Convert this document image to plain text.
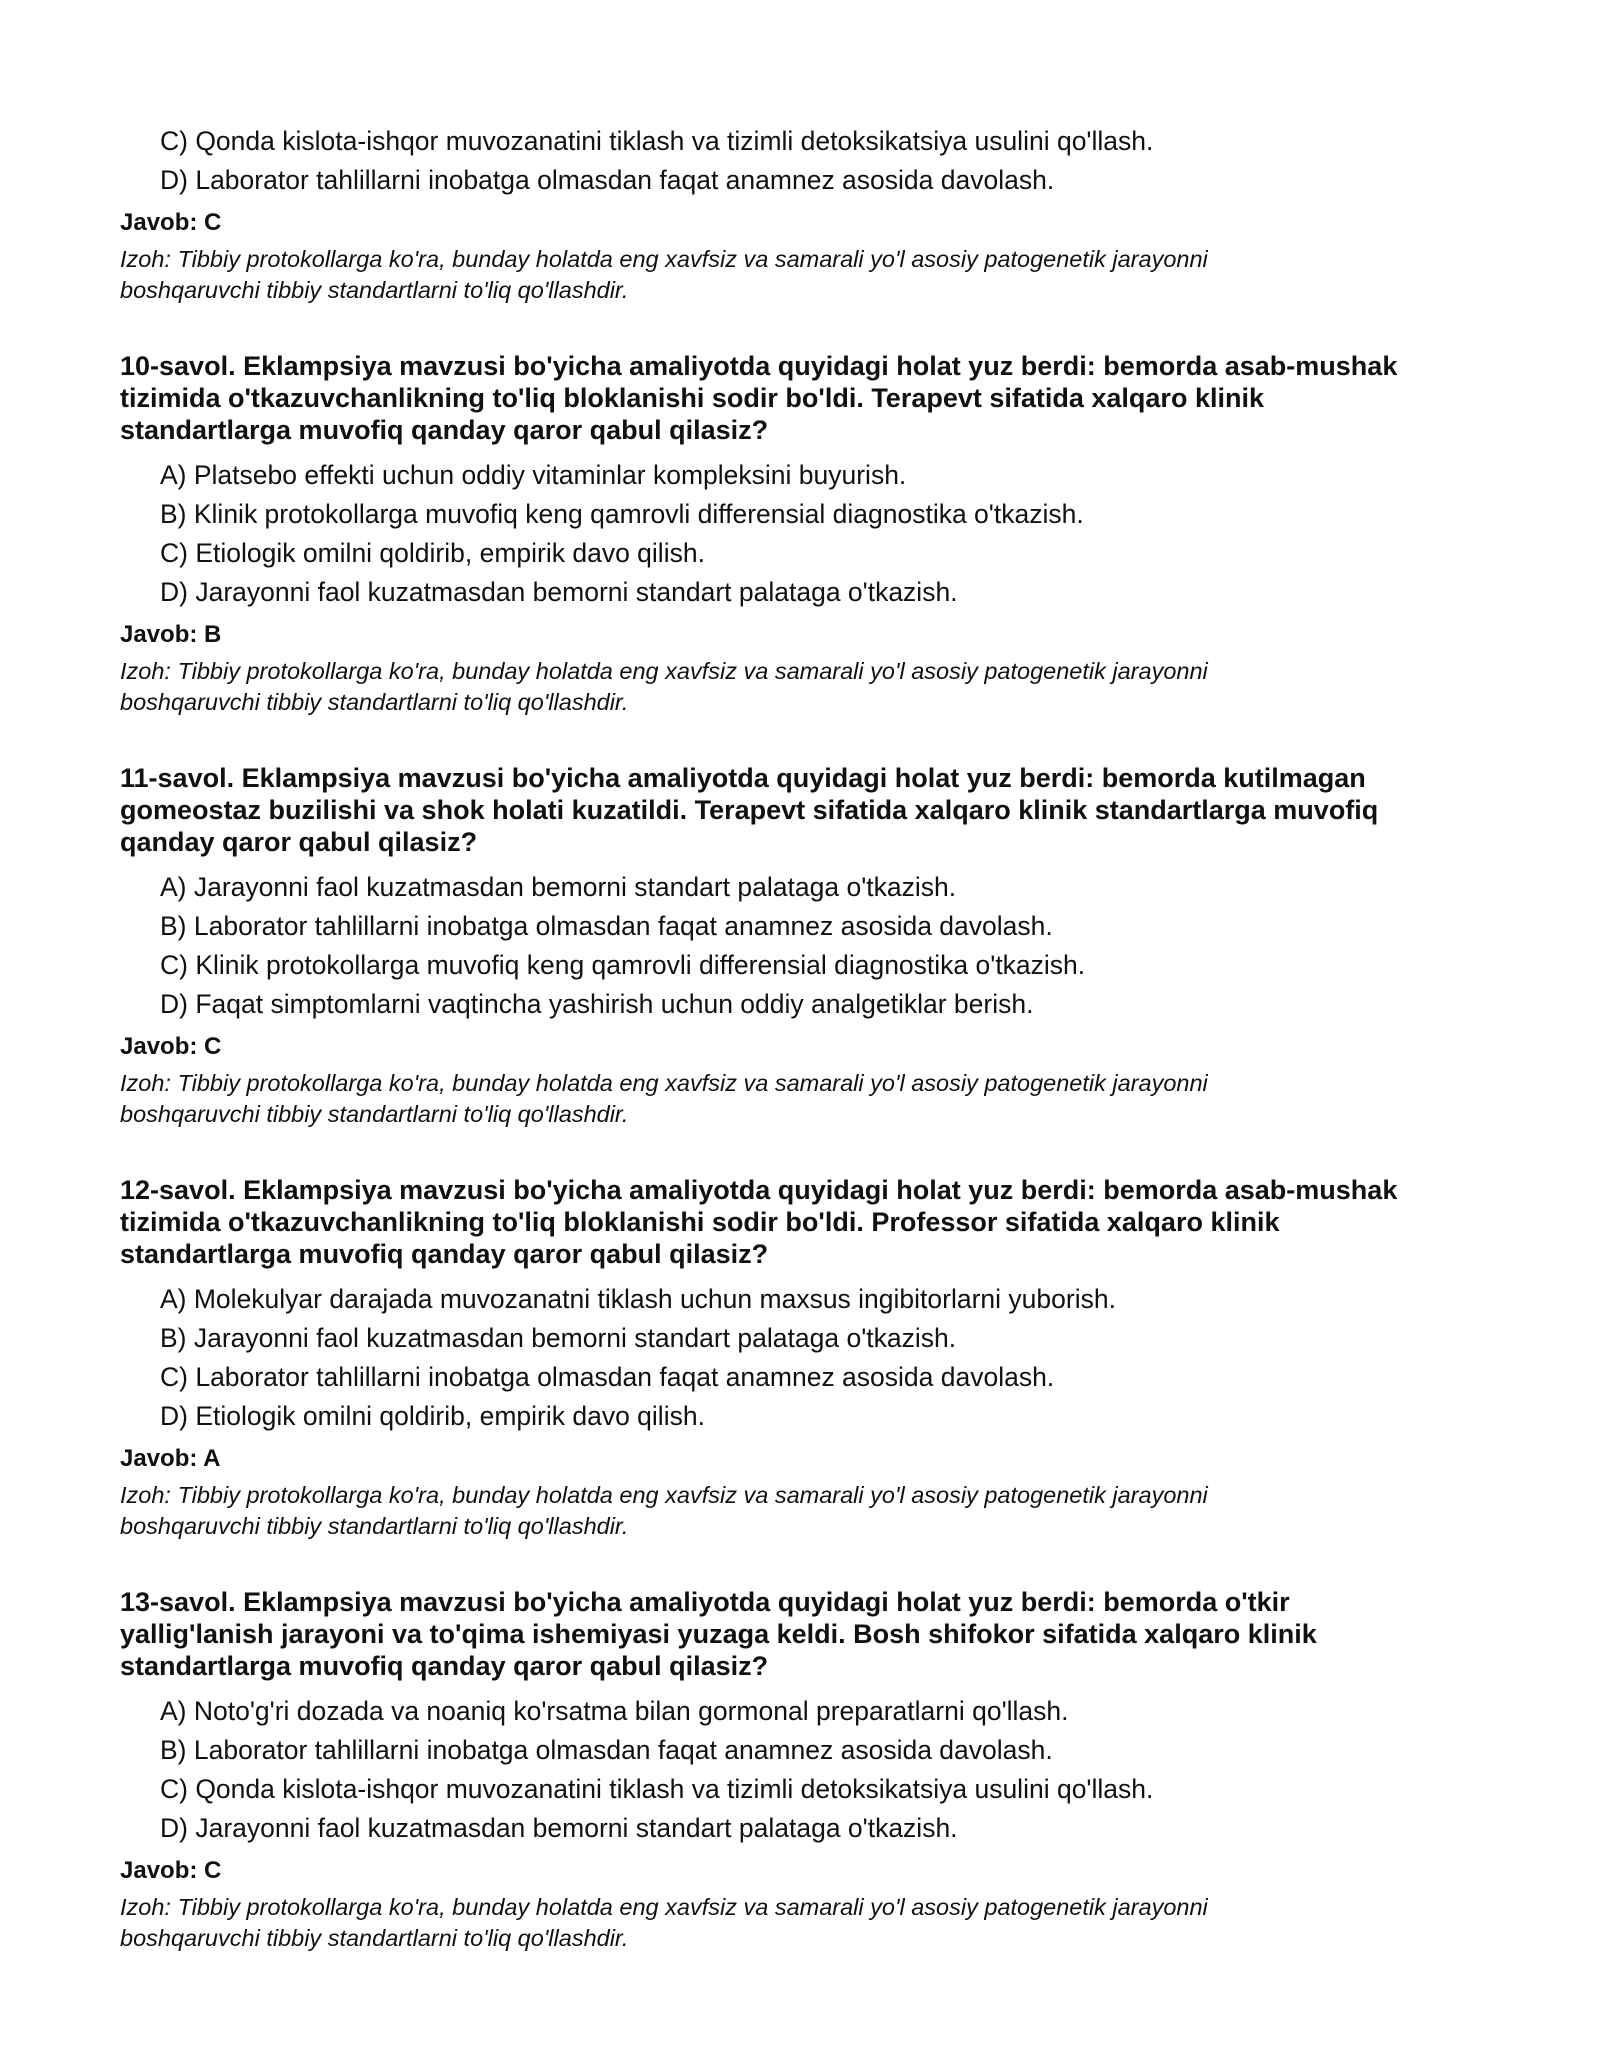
C) Qonda kislota-ishqor muvozanatini tiklash va tizimli detoksikatsiya usulini qo'llash.
D) Laborator tahlillarni inobatga olmasdan faqat anamnez asosida davolash.
Javob: C
Izoh: Tibbiy protokollarga ko'ra, bunday holatda eng xavfsiz va samarali yo'l asosiy patogenetik jarayonni
boshqaruvchi tibbiy standartlarni to'liq qo'llashdir.
10-savol. Eklampsiya mavzusi bo'yicha amaliyotda quyidagi holat yuz berdi: bemorda asab-mushak
tizimida o'tkazuvchanlikning to'liq bloklanishi sodir bo'ldi. Terapevt sifatida xalqaro klinik
standartlarga muvofiq qanday qaror qabul qilasiz?
A) Platsebo effekti uchun oddiy vitaminlar kompleksini buyurish.
B) Klinik protokollarga muvofiq keng qamrovli differensial diagnostika o'tkazish.
C) Etiologik omilni qoldirib, empirik davo qilish.
D) Jarayonni faol kuzatmasdan bemorni standart palataga o'tkazish.
Javob: B
Izoh: Tibbiy protokollarga ko'ra, bunday holatda eng xavfsiz va samarali yo'l asosiy patogenetik jarayonni
boshqaruvchi tibbiy standartlarni to'liq qo'llashdir.
11-savol. Eklampsiya mavzusi bo'yicha amaliyotda quyidagi holat yuz berdi: bemorda kutilmagan
gomeostaz buzilishi va shok holati kuzatildi. Terapevt sifatida xalqaro klinik standartlarga muvofiq
qanday qaror qabul qilasiz?
A) Jarayonni faol kuzatmasdan bemorni standart palataga o'tkazish.
B) Laborator tahlillarni inobatga olmasdan faqat anamnez asosida davolash.
C) Klinik protokollarga muvofiq keng qamrovli differensial diagnostika o'tkazish.
D) Faqat simptomlarni vaqtincha yashirish uchun oddiy analgetiklar berish.
Javob: C
Izoh: Tibbiy protokollarga ko'ra, bunday holatda eng xavfsiz va samarali yo'l asosiy patogenetik jarayonni
boshqaruvchi tibbiy standartlarni to'liq qo'llashdir.
12-savol. Eklampsiya mavzusi bo'yicha amaliyotda quyidagi holat yuz berdi: bemorda asab-mushak
tizimida o'tkazuvchanlikning to'liq bloklanishi sodir bo'ldi. Professor sifatida xalqaro klinik
standartlarga muvofiq qanday qaror qabul qilasiz?
A) Molekulyar darajada muvozanatni tiklash uchun maxsus ingibitorlarni yuborish.
B) Jarayonni faol kuzatmasdan bemorni standart palataga o'tkazish.
C) Laborator tahlillarni inobatga olmasdan faqat anamnez asosida davolash.
D) Etiologik omilni qoldirib, empirik davo qilish.
Javob: A
Izoh: Tibbiy protokollarga ko'ra, bunday holatda eng xavfsiz va samarali yo'l asosiy patogenetik jarayonni
boshqaruvchi tibbiy standartlarni to'liq qo'llashdir.
13-savol. Eklampsiya mavzusi bo'yicha amaliyotda quyidagi holat yuz berdi: bemorda o'tkir
yallig'lanish jarayoni va to'qima ishemiyasi yuzaga keldi. Bosh shifokor sifatida xalqaro klinik
standartlarga muvofiq qanday qaror qabul qilasiz?
A) Noto'g'ri dozada va noaniq ko'rsatma bilan gormonal preparatlarni qo'llash.
B) Laborator tahlillarni inobatga olmasdan faqat anamnez asosida davolash.
C) Qonda kislota-ishqor muvozanatini tiklash va tizimli detoksikatsiya usulini qo'llash.
D) Jarayonni faol kuzatmasdan bemorni standart palataga o'tkazish.
Javob: C
Izoh: Tibbiy protokollarga ko'ra, bunday holatda eng xavfsiz va samarali yo'l asosiy patogenetik jarayonni
boshqaruvchi tibbiy standartlarni to'liq qo'llashdir.
